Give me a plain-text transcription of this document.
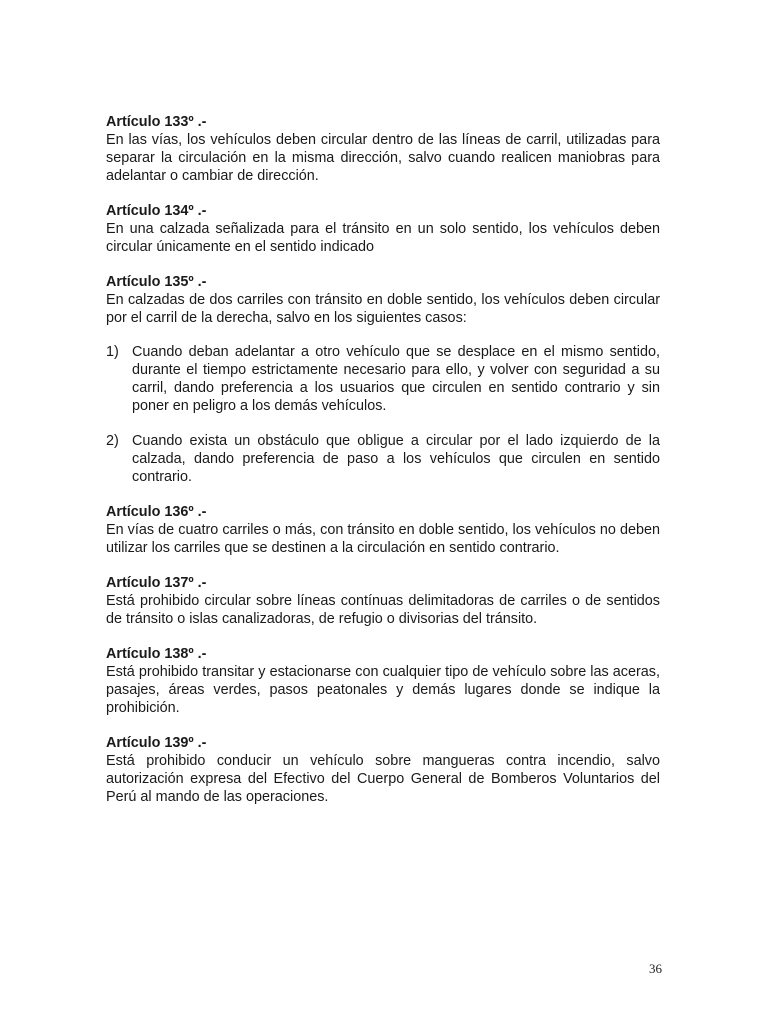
Artículo 133º .-

En las vías, los vehículos deben circular dentro de las líneas de carril, utilizadas para separar la circulación en la misma dirección, salvo cuando realicen maniobras para adelantar o cambiar de dirección.

Artículo 134º .-

En una calzada señalizada para el tránsito en un solo sentido, los vehículos deben circular únicamente en el sentido indicado

Artículo 135º .-

En calzadas de dos carriles con tránsito en doble sentido, los vehículos deben circular por el carril de la derecha, salvo en los siguientes casos:

1) Cuando deban adelantar a otro vehículo que se desplace en el mismo sentido, durante el tiempo estrictamente necesario para ello, y volver con seguridad a su carril, dando preferencia a los usuarios que circulen en sentido contrario y sin poner en peligro a los demás vehículos.
2) Cuando exista un obstáculo que obligue a circular por el lado izquierdo de la calzada, dando preferencia de paso a los vehículos que circulen en sentido contrario.

Artículo 136º .-

En vías de cuatro carriles o más, con tránsito en doble sentido, los vehículos no deben utilizar los carriles que se destinen a la circulación en sentido contrario.

Artículo 137º .-

Está prohibido circular sobre líneas contínuas delimitadoras de carriles o de sentidos de tránsito o islas canalizadoras, de refugio o divisorias del tránsito.

Artículo 138º .-

Está prohibido transitar y estacionarse con cualquier tipo de vehículo sobre las aceras, pasajes, áreas verdes, pasos peatonales y demás lugares donde se indique la prohibición.

Artículo 139º .-

Está prohibido conducir un vehículo sobre mangueras contra incendio, salvo autorización expresa del Efectivo del Cuerpo General de Bomberos Voluntarios del Perú al mando de las operaciones.

36
